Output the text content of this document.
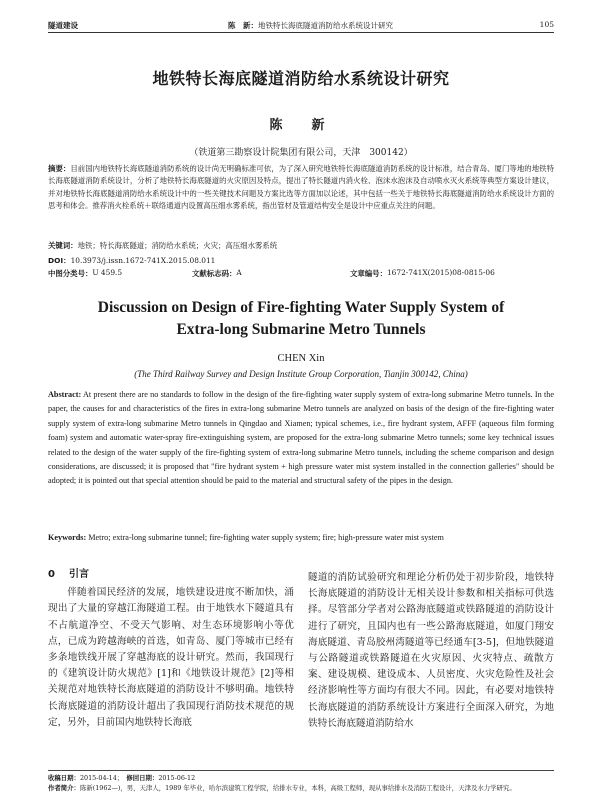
隧道建设	陈　新：地铁特长海底隧道消防给水系统设计研究	105
地铁特长海底隧道消防给水系统设计研究
陈　新
（铁道第三勘察设计院集团有限公司，天津　300142）
摘要：目前国内地铁特长海底隧道消防系统的设计尚无明确标准可依，为了深入研究地铁特长海底隧道消防系统的设计标准，结合青岛、厦门等地的地铁特长海底隧道消防系统设计，分析了地铁特长海底隧道的火灾原因及特点，提出了特长隧道内消火栓、泡沫水泡沫及自动喷水灭火系统等典型方案设计建议，并对地铁特长海底隧道消防给水系统设计中的一些关键技术问题及方案比选等方面加以论述，其中包括一些关于地铁特长海底隧道消防给水系统设计方面的思考和体会。推荐消火栓系统＋联络通道内设置高压细水雾系统，指出管材及管道结构安全是设计中应重点关注的问题。
关键词：地铁；特长海底隧道；消防给水系统；火灾；高压细水雾系统
DOI：10.3973/j.issn.1672-741X.2015.08.011
中图分类号： U 459.5	文献标志码： A	文章编号： 1672-741X(2015)08-0815-06
Discussion on Design of Fire-fighting Water Supply System of
Extra-long Submarine Metro Tunnels
CHEN Xin
(The Third Railway Survey and Design Institute Group Corporation, Tianjin 300142, China)
Abstract: At present there are no standards to follow in the design of the fire-fighting water supply system of extra-long submarine Metro tunnels. In the paper, the causes for and characteristics of the fires in extra-long submarine Metro tunnels are analyzed on basis of the design of the fire-fighting water supply system of extra-long submarine Metro tunnels in Qingdao and Xiamen; typical schemes, i.e., fire hydrant system, AFFF (aqueous film forming foam) system and automatic water-spray fire-extinguishing system, are proposed for the extra-long submarine Metro tunnels; some key technical issues related to the design of the water supply of the fire-fighting system of extra-long submarine Metro tunnels, including the scheme comparison and design considerations, are discussed; it is proposed that "fire hydrant system + high pressure water mist system installed in the connection galleries" should be adopted; it is pointed out that special attention should be paid to the material and structural safety of the pipes in the design.
Keywords: Metro; extra-long submarine tunnel; fire-fighting water supply system; fire; high-pressure water mist system
0 引言

伴随着国民经济的发展，地铁建设进度不断加快，涌现出了大量的穿越江海隧道工程。由于地铁水下隧道具有不占航道净空、不受天气影响、对生态环境影响小等优点，已成为跨越海峡的首选，如青岛、厦门等城市已经有多条地铁线开展了穿越海底的设计研究。然而，我国现行的《建筑设计防火规范》[1]和《地铁设计规范》[2]等相关规范对地铁特长海底隧道的消防设计不够明确。地铁特长海底隧道的消防设计超出了我国现行消防技术规范的规定，另外，目前国内地铁特长海底

隧道的消防试验研究和理论分析仍处于初步阶段，地铁特长海底隧道的消防设计无相关设计参数和相关指标可供选择。尽管部分学者对公路海底隧道或铁路隧道的消防设计进行了研究，且国内也有一些公路海底隧道，如厦门翔安海底隧道、青岛胶州湾隧道等已经通车[3-5]，但地铁隧道与公路隧道或铁路隧道在火灾原因、火灾特点、疏散方案、建设规模、建设成本、人员密度、火灾危险性及社会经济影响性等方面均有很大不同。因此，有必要对地铁特长海底隧道的消防系统设计方案进行全面深入研究，为地铁特长海底隧道消防给水

收稿日期：2015-04-14；　 修回日期：2015-06-12
作者简介：陈新(1962—)，男，天津人，1989 年毕业，哈尔滨建筑工程学院，给排水专业，本科，高级工程师，现从事给排水及消防工程设计，天津及水力学研究。
